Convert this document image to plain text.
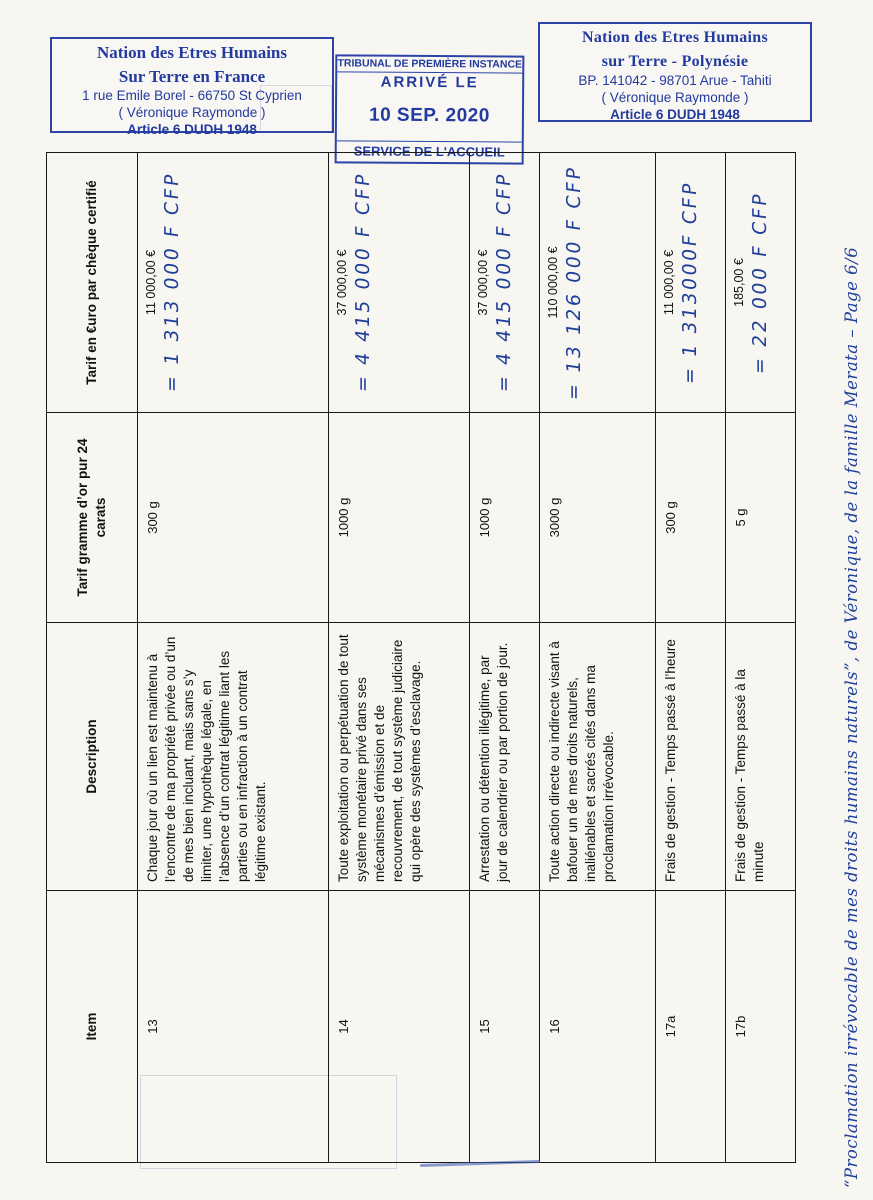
Nation des Etres Humains
Sur Terre en France
1 rue Emile Borel - 66750 St Cyprien
( Véronique Raymonde )
Article 6 DUDH 1948
TRIBUNAL DE PREMIÈRE INSTANCE
ARRIVÉ LE
10 SEP. 2020
SERVICE DE L'ACCUEIL
Nation des Etres Humains
sur Terre - Polynésie
BP. 141042 - 98701 Arue - Tahiti
( Véronique Raymonde )
Article 6 DUDH 1948
Item	Description	Tarif gramme d’or pur 24 carats	Tarif en €uro par chèque certifié
13	Chaque jour où un lien est maintenu à l’encontre de ma propriété privée ou d’un de mes bien incluant, mais sans s’y limiter, une hypothèque légale, en l’absence d’un contrat légitime liant les parties ou en infraction à un contrat légitime existant.	300 g	11 000,00 € = 1 313 000 F CFP
14	Toute exploitation ou perpétuation de tout système monétaire privé dans ses mécanismes d’émission et de recouvrement, de tout système judiciaire qui opère des systèmes d’esclavage.	1000 g	37 000,00 € = 4 415 000 F CFP
15	Arrestation ou détention illégitime, par jour de calendrier ou par portion de jour.	1000 g	37 000,00 € = 4 415 000 F CFP
16	Toute action directe ou indirecte visant à bafouer un de mes droits naturels, inaliénables et sacrés cités dans ma proclamation irrévocable.	3000 g	110 000,00 € = 13 126 000 F CFP
17a	Frais de gestion - Temps passé à l’heure	300 g	11 000,00 € = 1 313000F CFP
17b	Frais de gestion - Temps passé à la minute	5 g	185,00 € = 22 000 F CFP	“Proclamation irrévocable de mes droits humains naturels”, de Véronique, de la famille Merata – Page 6/6
